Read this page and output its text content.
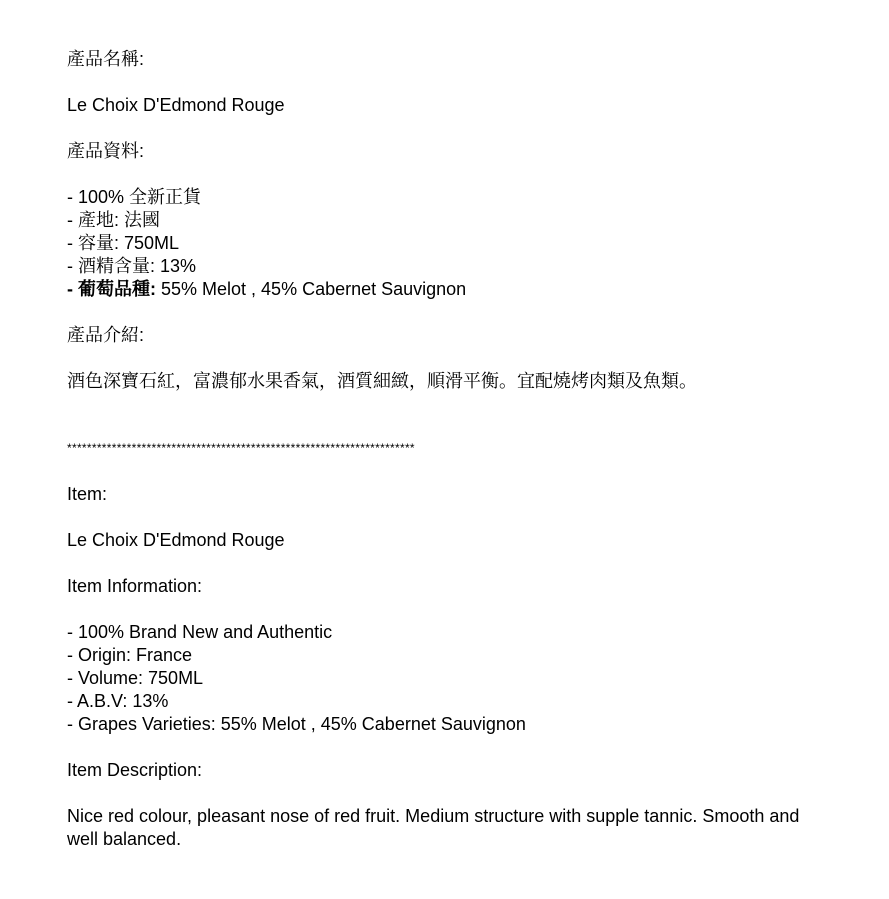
產品名稱:
Le Choix D'Edmond Rouge
產品資料:
- 100% 全新正貨
- 產地: 法國
- 容量: 750ML
- 酒精含量: 13%
- 葡萄品種: 55% Melot , 45% Cabernet Sauvignon
產品介紹:
酒色深寶石紅，富濃郁水果香氣，酒質細緻，順滑平衡。宜配燒烤肉類及魚類。
**********************************************************************
Item:
Le Choix D'Edmond Rouge
Item Information:
- 100% Brand New and Authentic
- Origin: France
- Volume: 750ML
- A.B.V: 13%
- Grapes Varieties: 55% Melot , 45% Cabernet Sauvignon
Item Description:
Nice red colour, pleasant nose of red fruit. Medium structure with supple tannic. Smooth and well balanced.
